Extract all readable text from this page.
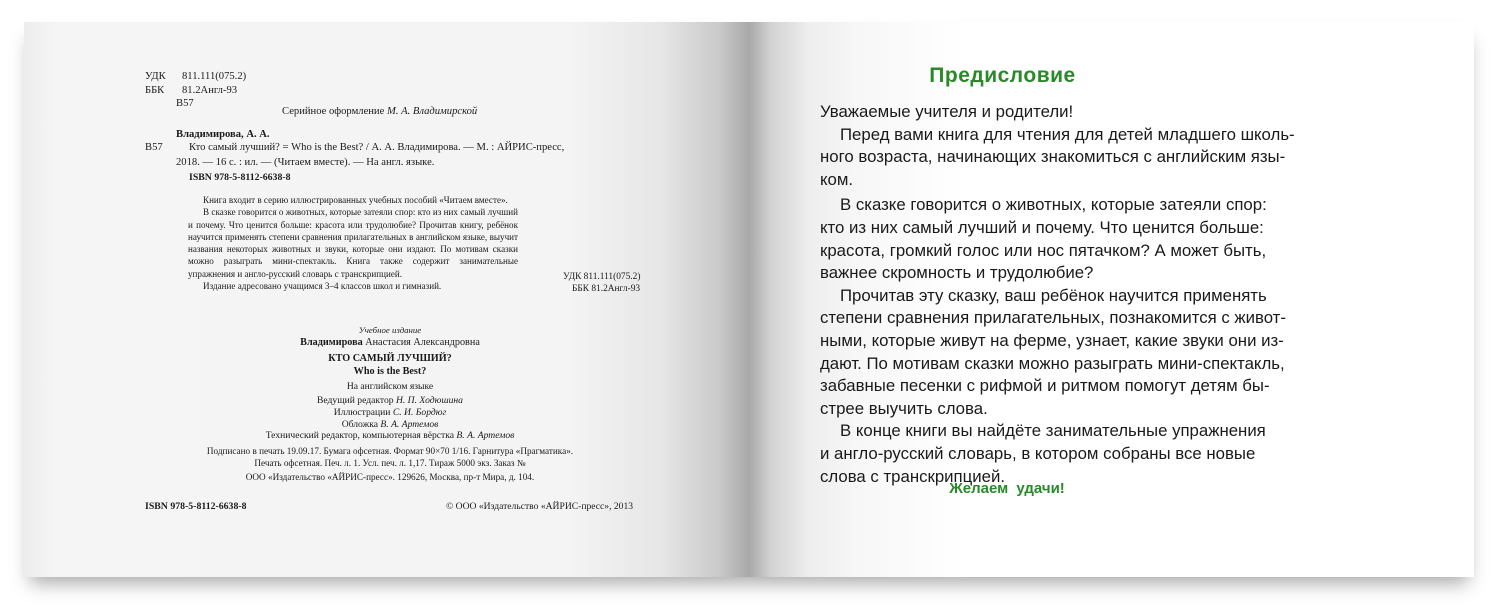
УДК 811.111(075.2)
ББК 81.2Англ-93
В57
Серийное оформление М. А. Владимирской
Владимирова, А. А.
В57 Кто самый лучший? = Who is the Best? / А. А. Владимирова. — М. : АЙРИС-пресс,
2018. — 16 с. : ил. — (Читаем вместе). — На англ. языке.
ISBN 978-5-8112-6638-8

Книга входит в серию иллюстрированных учебных пособий «Читаем вместе».

В сказке говорится о животных, которые затеяли спор: кто из них самый лучший и почему. Что ценится больше: красота или трудолюбие? Прочитав книгу, ребёнок научится применять степени сравнения прилагательных в английском языке, выучит названия некоторых животных и звуки, которые они издают. По мотивам сказки можно разыграть мини-спектакль. Книга также содержит занимательные упражнения и англо-русский словарь с транскрипцией.

Издание адресовано учащимся 3–4 классов школ и гимназий.

УДК 811.111(075.2)
ББК 81.2Англ-93
Учебное издание
Владимирова Анастасия Александровна
КТО САМЫЙ ЛУЧШИЙ?
Who is the Best?
На английском языке
Ведущий редактор Н. П. Ходюшина
Иллюстрации С. И. Бордюг
Обложка В. А. Артемов
Технический редактор, компьютерная вёрстка В. А. Артемов
Подписано в печать 19.09.17. Бумага офсетная. Формат 90×70 1/16. Гарнитура «Прагматика».
Печать офсетная. Печ. л. 1. Усл. печ. л. 1,17. Тираж 5000 экз. Заказ №
ООО «Издательство «АЙРИС-пресс». 129626, Москва, пр-т Мира, д. 104.
ISBN 978-5-8112-6638-8	© ООО «Издательство «АЙРИС-пресс», 2013
Предисловие
Уважаемые учителя и родители!
Перед вами книга для чтения для детей младшего школь-
ного возраста, начинающих знакомиться с английским язы-
ком.
В сказке говорится о животных, которые затеяли спор:
кто из них самый лучший и почему. Что ценится больше:
красота, громкий голос или нос пятачком? А может быть,
важнее скромность и трудолюбие?
Прочитав эту сказку, ваш ребёнок научится применять
степени сравнения прилагательных, познакомится с живот-
ными, которые живут на ферме, узнает, какие звуки они из-
дают. По мотивам сказки можно разыграть мини-спектакль,
забавные песенки с рифмой и ритмом помогут детям бы-
стрее выучить слова.
В конце книги вы найдёте занимательные упражнения
и англо-русский словарь, в котором собраны все новые
слова с транскрипцией.
Желаем удачи!
